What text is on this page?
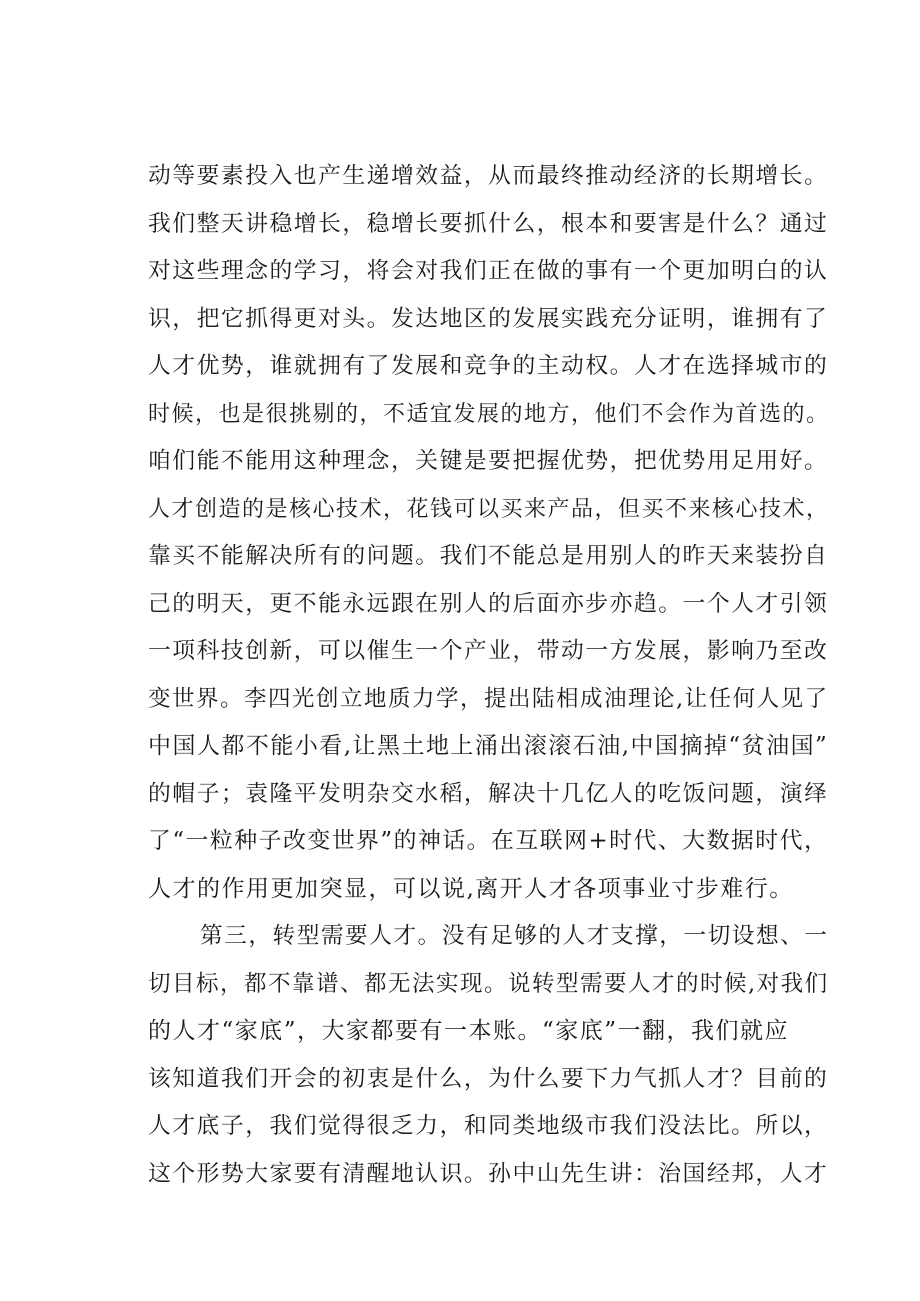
动等要素投入也产生递增效益，从而最终推动经济的长期增长。
我们整天讲稳增长，稳增长要抓什么，根本和要害是什么？通过
对这些理念的学习，将会对我们正在做的事有一个更加明白的认
识，把它抓得更对头。发达地区的发展实践充分证明，谁拥有了
人才优势，谁就拥有了发展和竞争的主动权。人才在选择城市的
时候，也是很挑剔的，不适宜发展的地方，他们不会作为首选的。
咱们能不能用这种理念，关键是要把握优势，把优势用足用好。
人才创造的是核心技术，花钱可以买来产品，但买不来核心技术，
靠买不能解决所有的问题。我们不能总是用别人的昨天来装扮自
己的明天，更不能永远跟在别人的后面亦步亦趋。一个人才引领
一项科技创新，可以催生一个产业，带动一方发展，影响乃至改
变世界。李四光创立地质力学，提出陆相成油理论,让任何人见了
中国人都不能小看,让黑土地上涌出滚滚石油,中国摘掉“贫油国”
的帽子；袁隆平发明杂交水稻，解决十几亿人的吃饭问题，演绎
了“一粒种子改变世界”的神话。在互联网+时代、大数据时代，
人才的作用更加突显，可以说,离开人才各项事业寸步难行。
第三，转型需要人才。没有足够的人才支撑，一切设想、一
切目标，都不靠谱、都无法实现。说转型需要人才的时候,对我们
的人才“家底”，大家都要有一本账。“家底”一翻，我们就应
该知道我们开会的初衷是什么，为什么要下力气抓人才？目前的
人才底子，我们觉得很乏力，和同类地级市我们没法比。所以，
这个形势大家要有清醒地认识。孙中山先生讲：治国经邦，人才
